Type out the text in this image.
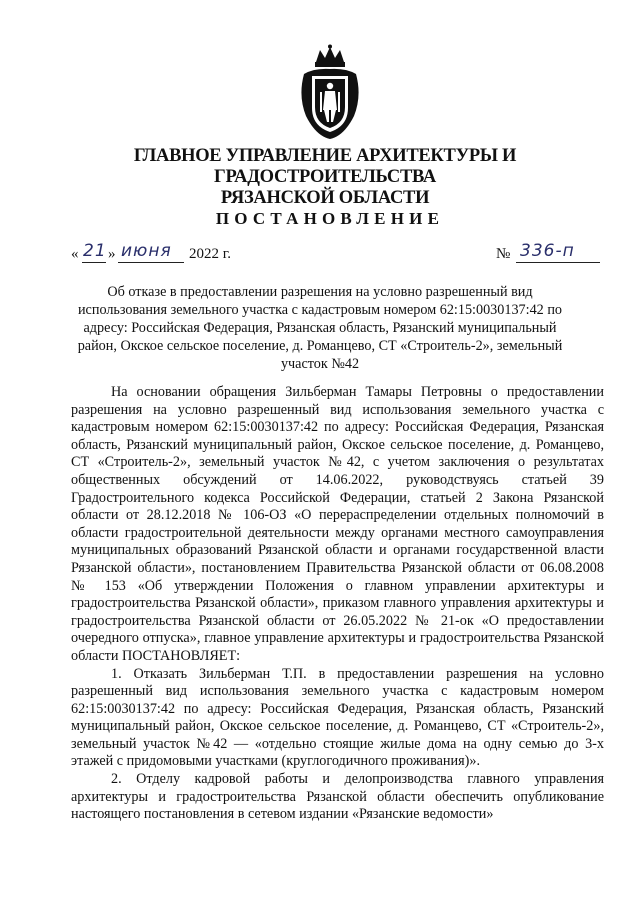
ГЛАВНОЕ УПРАВЛЕНИЕ АРХИТЕКТУРЫ И ГРАДОСТРОИТЕЛЬСТВА
РЯЗАНСКОЙ ОБЛАСТИ
ПОСТАНОВЛЕНИЕ
« 21 » июня 2022 г.	№ 336-п
Об отказе в предоставлении разрешения на условно разрешенный вид использования земельного участка с кадастровым номером 62:15:0030137:42 по адресу: Российская Федерация, Рязанская область, Рязанский муниципальный район, Окское сельское поселение, д. Романцево, СТ «Строитель-2», земельный участок №42

На основании обращения Зильберман Тамары Петровны о предоставлении разрешения на условно разрешенный вид использования земельного участка с кадастровым номером 62:15:0030137:42 по адресу: Российская Федерация, Рязанская область, Рязанский муниципальный район, Окское сельское поселение, д. Романцево, СТ «Строитель-2», земельный участок №42, с учетом заключения о результатах общественных обсуждений от 14.06.2022, руководствуясь статьей 39 Градостроительного кодекса Российской Федерации, статьей 2 Закона Рязанской области от 28.12.2018 № 106-ОЗ «О перераспределении отдельных полномочий в области градостроительной деятельности между органами местного самоуправления муниципальных образований Рязанской области и органами государственной власти Рязанской области», постановлением Правительства Рязанской области от 06.08.2008 № 153 «Об утверждении Положения о главном управлении архитектуры и градостроительства Рязанской области», приказом главного управления архитектуры и градостроительства Рязанской области от 26.05.2022 № 21-ок «О предоставлении очередного отпуска», главное управление архитектуры и градостроительства Рязанской области ПОСТАНОВЛЯЕТ:

1. Отказать Зильберман Т.П. в предоставлении разрешения на условно разрешенный вид использования земельного участка с кадастровым номером 62:15:0030137:42 по адресу: Российская Федерация, Рязанская область, Рязанский муниципальный район, Окское сельское поселение, д. Романцево, СТ «Строитель-2», земельный участок №42 — «отдельно стоящие жилые дома на одну семью до 3-х этажей с придомовыми участками (круглогодичного проживания)».

2. Отделу кадровой работы и делопроизводства главного управления архитектуры и градостроительства Рязанской области обеспечить опубликование настоящего постановления в сетевом издании «Рязанские ведомости»
